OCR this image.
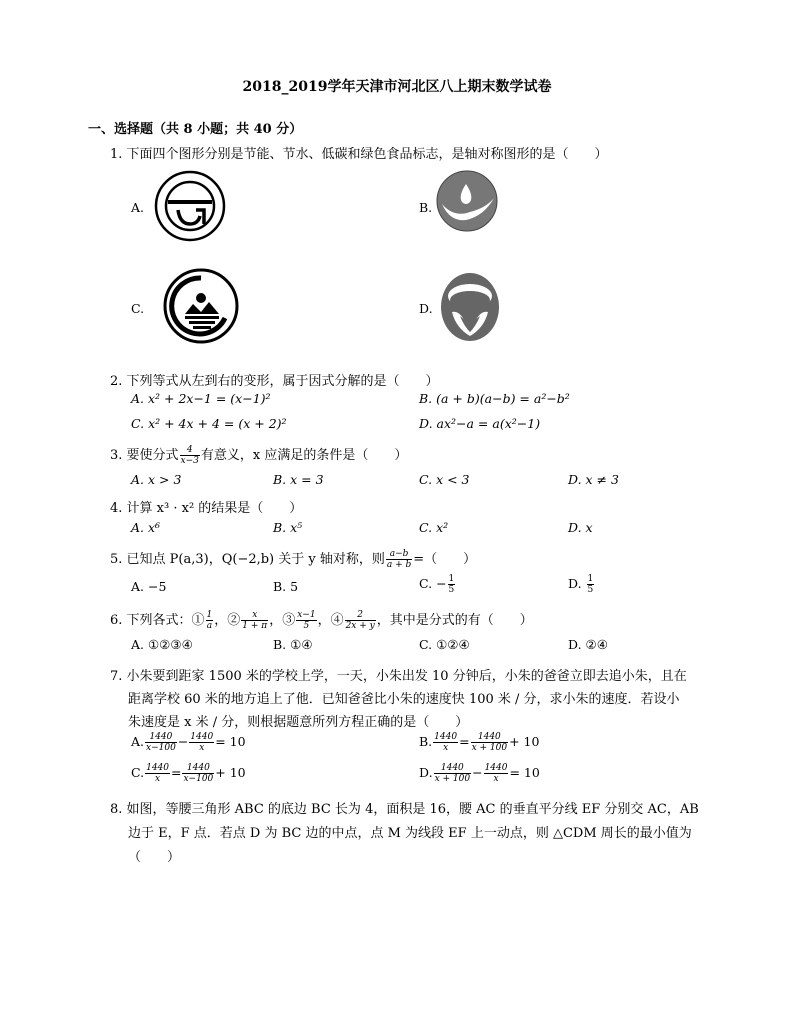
2018_2019学年天津市河北区八上期末数学试卷
一、选择题（共 8 小题；共 40 分）
1. 下面四个图形分别是节能、节水、低碳和绿色食品标志，是轴对称图形的是（　　）
A.	B.
C.	D.
2. 下列等式从左到右的变形，属于因式分解的是（　　）
A. x² + 2x−1 = (x−1)²	B. (a + b)(a−b) = a²−b²
C. x² + 4x + 4 = (x + 2)²	D. ax²−a = a(x²−1)
3. 要使分式 $\frac{4}{x-3}$ 有意义，x 应满足的条件是（　　）
A. x > 3	B. x = 3	C. x < 3	D. x ≠ 3
4. 计算 x³ · x² 的结果是（　　）
A. x⁶	B. x⁵	C. x²	D. x
5. 已知点 P(a,3)，Q(−2,b) 关于 y 轴对称，则 $\frac{a-b}{a + b}$ =（　　）
A. −5	B. 5	C. − $\frac{1}{5}$	D. $\frac{1}{5}$
6. 下列各式：① $\frac{1}{a}$ ，② $\frac{x}{1 + \pi}$ ，③ $\frac{x-1}{5}$ ，④ $\frac{2}{2x + y}$ ，其中是分式的有（　　）
A. ①②③④	B. ①④	C. ①②④	D. ②④
7. 小朱要到距家 1500 米的学校上学，一天，小朱出发 10 分钟后，小朱的爸爸立即去追小朱，且在
距离学校 60 米的地方追上了他．已知爸爸比小朱的速度快 100 米 / 分，求小朱的速度．若设小
朱速度是 x 米 / 分，则根据题意所列方程正确的是（　　）
A. $\frac{1440}{x-100} - \frac{1440}{x} = 10$	B. $\frac{1440}{x} = \frac{1440}{x + 100} + 10$
C. $\frac{1440}{x} = \frac{1440}{x-100} + 10$	D. $\frac{1440}{x + 100} - \frac{1440}{x} = 10$
8. 如图，等腰三角形 ABC 的底边 BC 长为 4，面积是 16，腰 AC 的垂直平分线 EF 分别交 AC，AB
边于 E，F 点．若点 D 为 BC 边的中点，点 M 为线段 EF 上一动点，则 △CDM 周长的最小值为
（　　）
